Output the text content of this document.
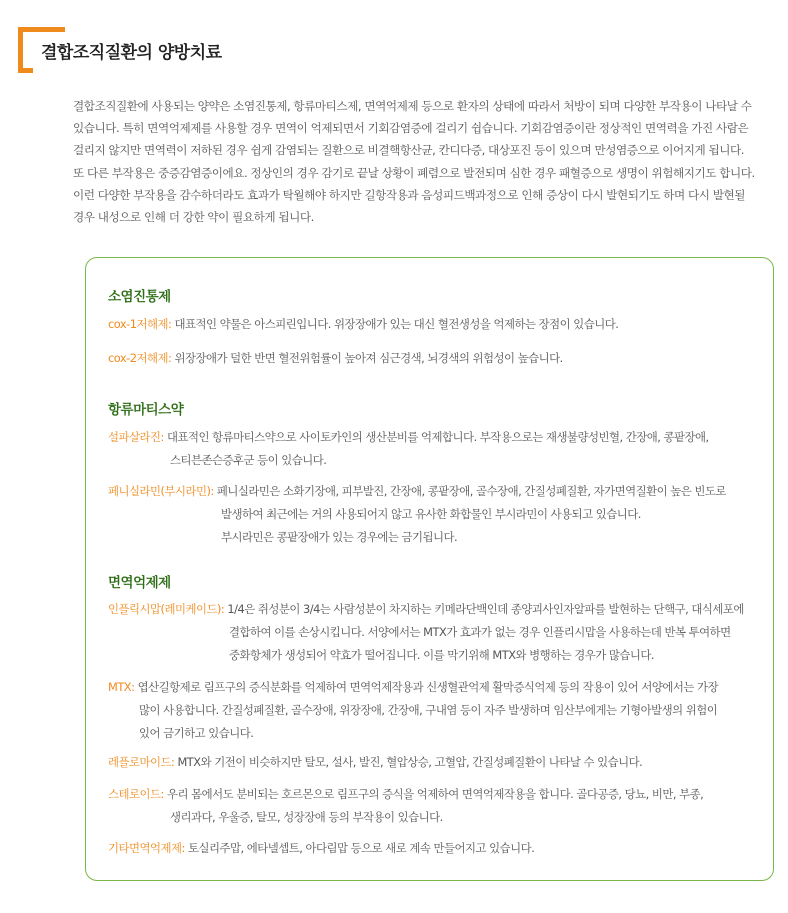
결합조직질환의 양방치료

결합조직질환에 사용되는 양약은 소염진통제, 항류마티스제, 면역억제제 등으로 환자의 상태에 따라서 처방이 되며 다양한 부작용이 나타날 수

있습니다. 특히 면역억제제를 사용할 경우 면역이 억제되면서 기회감염증에 걸리기 쉽습니다. 기회감염증이란 정상적인 면역력을 가진 사람은

걸리지 않지만 면역력이 저하된 경우 쉽게 감염되는 질환으로 비결핵항산균, 칸디다증, 대상포진 등이 있으며 만성염증으로 이어지게 됩니다.

또 다른 부작용은 중증감염증이에요. 정상인의 경우 감기로 끝날 상황이 폐렴으로 발전되며 심한 경우 패혈증으로 생명이 위험해지기도 합니다.

이런 다양한 부작용을 감수하더라도 효과가 탁월해야 하지만 길항작용과 음성피드백과정으로 인해 증상이 다시 발현되기도 하며 다시 발현될

경우 내성으로 인해 더 강한 약이 필요하게 됩니다.

소염진통제
cox-1저해제: 대표적인 약물은 아스피린입니다. 위장장애가 있는 대신 혈전생성을 억제하는 장점이 있습니다.
cox-2저해제: 위장장애가 덜한 반면 혈전위험률이 높아져 심근경색, 뇌경색의 위험성이 높습니다.
항류마티스약
설파살라진: 대표적인 항류마티스약으로 사이토카인의 생산분비를 억제합니다. 부작용으로는 재생불량성빈혈, 간장애, 콩팥장애,
스티븐존슨증후군 등이 있습니다.
페니실라민(부시라민): 페니실라민은 소화기장애, 피부발진, 간장애, 콩팥장애, 골수장애, 간질성폐질환, 자가면역질환이 높은 빈도로
발생하여 최근에는 거의 사용되어지 않고 유사한 화합물인 부시라민이 사용되고 있습니다.
부시라민은 콩팥장애가 있는 경우에는 금기됩니다.
면역억제제
인플릭시맙(레미케이드): 1/4은 쥐성분이 3/4는 사람성분이 차지하는 키메라단백인데 종양괴사인자알파를 발현하는 단핵구, 대식세포에
결합하여 이를 손상시킵니다. 서양에서는 MTX가 효과가 없는 경우 인플리시맙을 사용하는데 반복 투여하면
중화항체가 생성되어 약효가 떨어집니다. 이를 막기위해 MTX와 병행하는 경우가 많습니다.
MTX: 엽산길항제로 림프구의 증식분화를 억제하여 면역억제작용과 신생혈관억제 활막증식억제 등의 작용이 있어 서양에서는 가장
많이 사용합니다. 간질성폐질환, 골수장애, 위장장애, 간장애, 구내염 등이 자주 발생하며 임산부에게는 기형아발생의 위험이
있어 금기하고 있습니다.
레플로마이드: MTX와 기전이 비슷하지만 탈모, 설사, 발진, 혈압상승, 고혈압, 간질성폐질환이 나타날 수 있습니다.
스테로이드: 우리 몸에서도 분비되는 호르몬으로 림프구의 증식을 억제하여 면역억제작용을 합니다. 골다공증, 당뇨, 비만, 부종,
생리과다, 우울증, 탈모, 성장장애 등의 부작용이 있습니다.
기타면역억제제: 토실리주맙, 에타넬셉트, 아다림맙 등으로 새로 계속 만들어지고 있습니다.
